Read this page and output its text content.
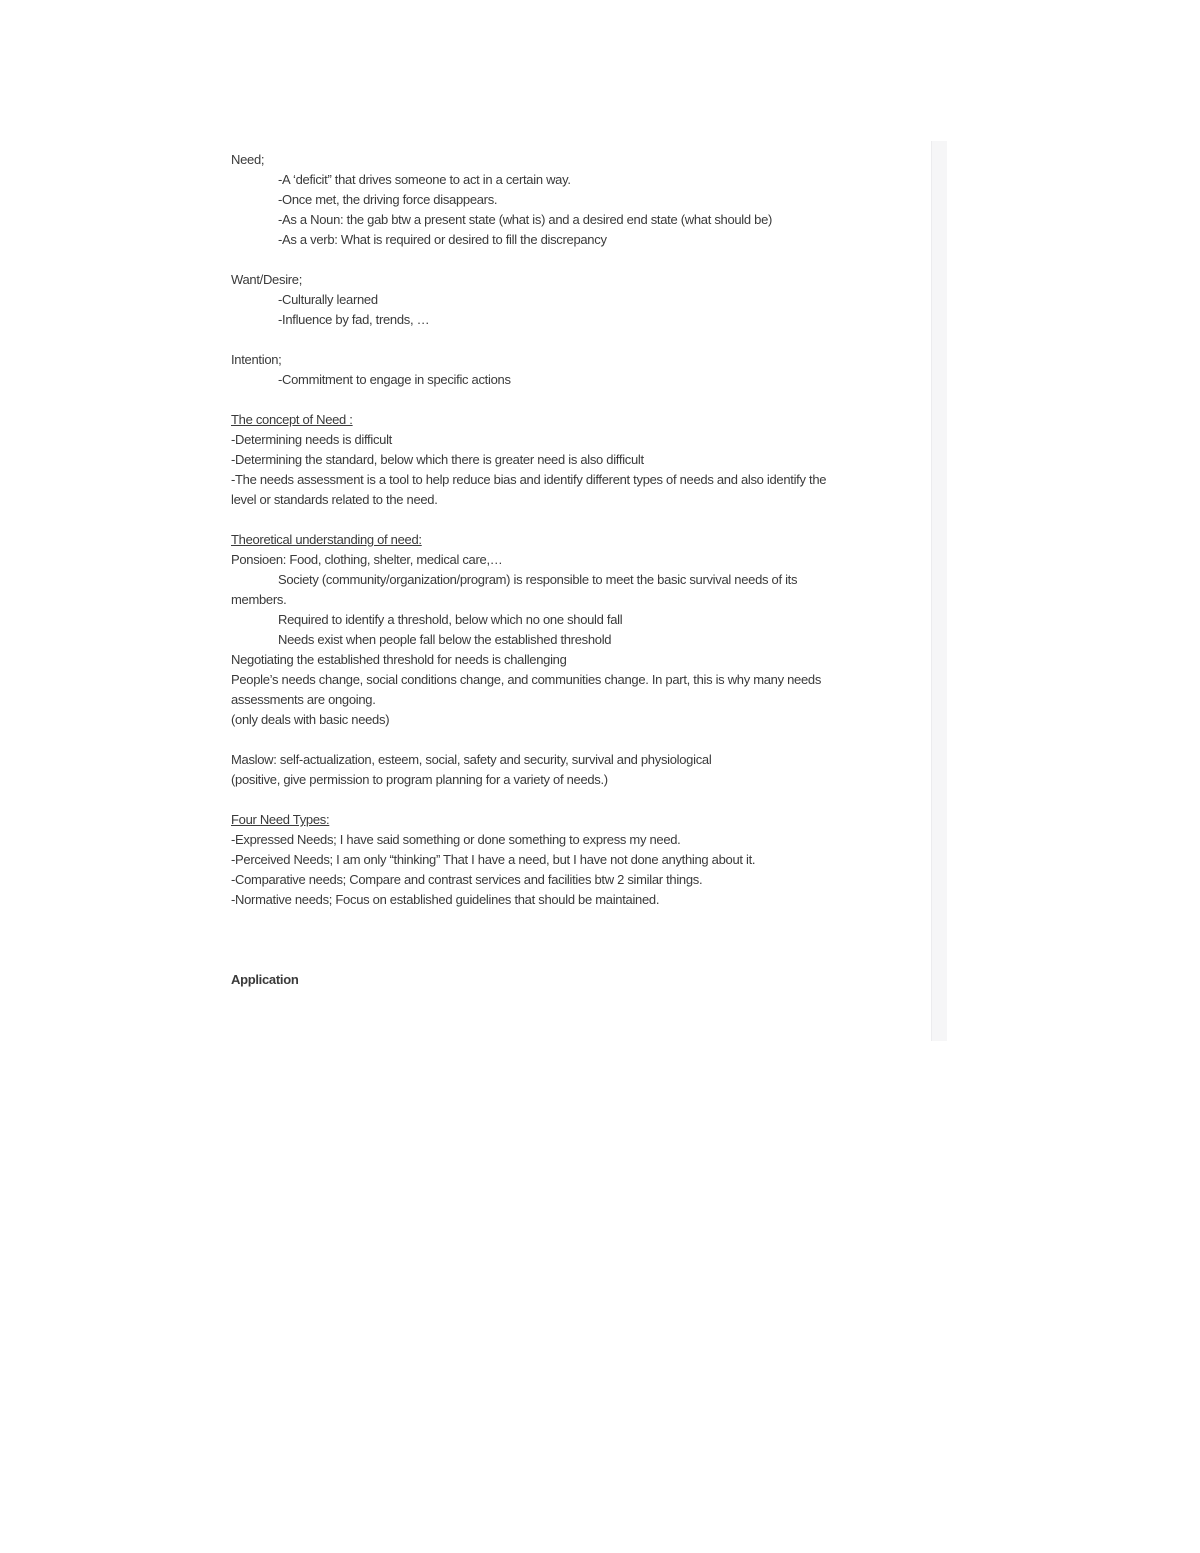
Need;
-A ‘deficit” that drives someone to act in a certain way.
-Once met, the driving force disappears.
-As a Noun: the gab btw a present state (what is) and a desired end state (what should be)
-As a verb: What is required or desired to fill the discrepancy
Want/Desire;
-Culturally learned
-Influence by fad, trends, …
Intention;
-Commitment to engage in specific actions
The concept of Need :
-Determining needs is difficult
-Determining the standard, below which there is greater need is also difficult
-The needs assessment is a tool to help reduce bias and identify different types of needs and also identify the level or standards related to the need.
Theoretical understanding of need:
Ponsioen: Food, clothing, shelter, medical care,…
Society (community/organization/program) is responsible to meet the basic survival needs of its members.
Required to identify a threshold, below which no one should fall
Needs exist when people fall below the established threshold
Negotiating the established threshold for needs is challenging
People’s needs change, social conditions change, and communities change. In part, this is why many needs assessments are ongoing.
(only deals with basic needs)
Maslow: self-actualization, esteem, social, safety and security, survival and physiological
(positive, give permission to program planning for a variety of needs.)
Four Need Types:
-Expressed Needs; I have said something or done something to express my need.
-Perceived Needs; I am only “thinking” That I have a need, but I have not done anything about it.
-Comparative needs; Compare and contrast services and facilities btw 2 similar things.
-Normative needs; Focus on established guidelines that should be maintained.
Application
